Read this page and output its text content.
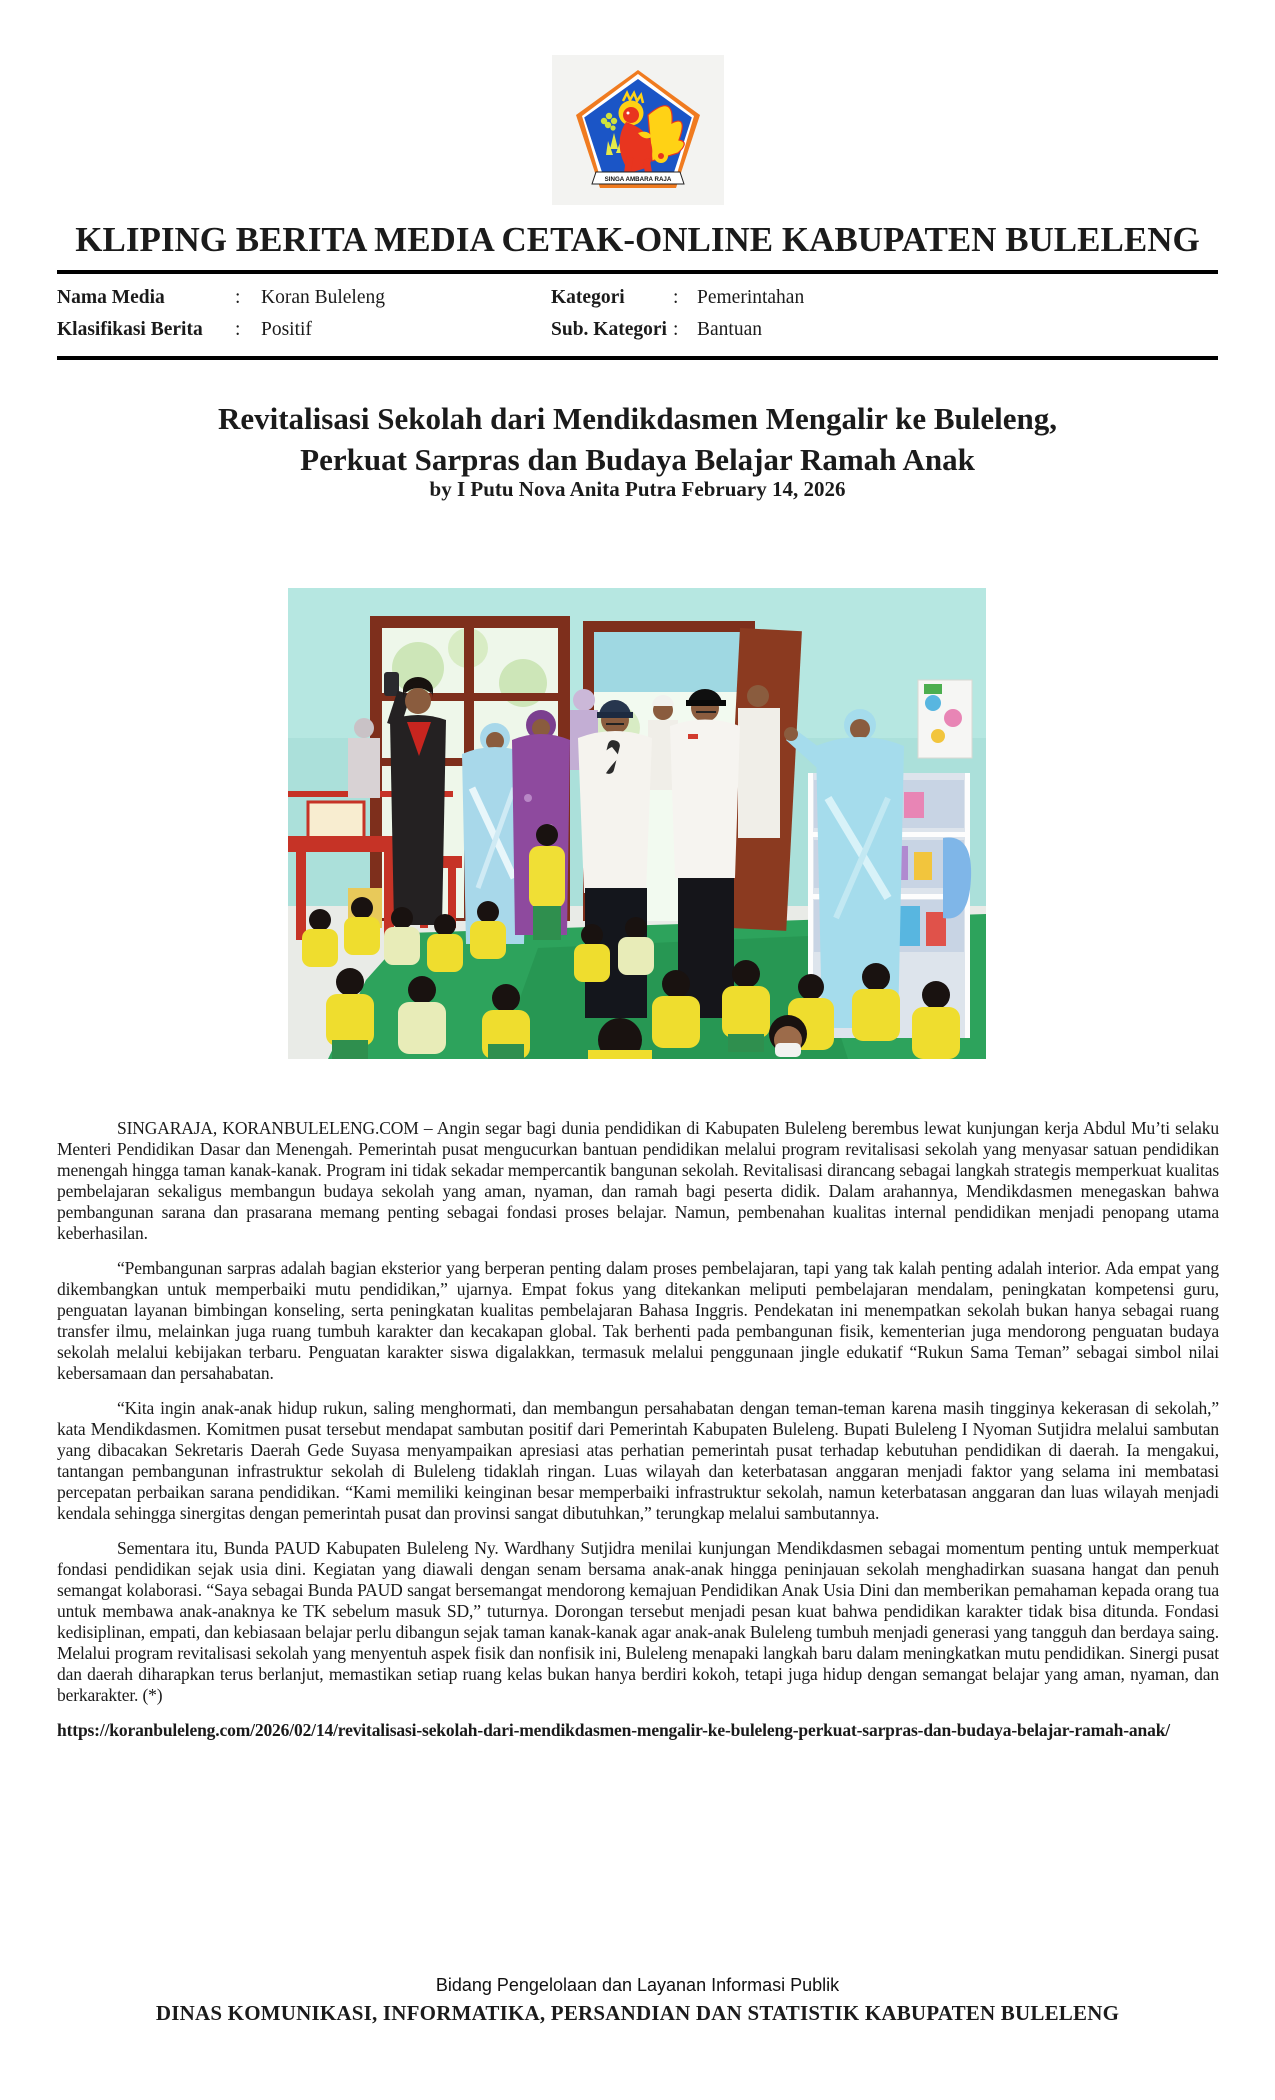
SINGA AMBARA RAJA
KLIPING BERITA MEDIA CETAK-ONLINE KABUPATEN BULELENG
Nama Media	:	Koran Buleleng	Kategori	: Pemerintahan
Klasifikasi Berita	:	Positif	Sub. Kategori : Bantuan
Revitalisasi Sekolah dari Mendikdasmen Mengalir ke Buleleng,
Perkuat Sarpras dan Budaya Belajar Ramah Anak
by I Putu Nova Anita Putra February 14, 2026

SINGARAJA, KORANBULELENG.COM – Angin segar bagi dunia pendidikan di Kabupaten Buleleng berembus lewat kunjungan kerja Abdul Mu’ti selaku Menteri Pendidikan Dasar dan Menengah. Pemerintah pusat mengucurkan bantuan pendidikan melalui program revitalisasi sekolah yang menyasar satuan pendidikan menengah hingga taman kanak-kanak. Program ini tidak sekadar mempercantik bangunan sekolah. Revitalisasi dirancang sebagai langkah strategis memperkuat kualitas pembelajaran sekaligus membangun budaya sekolah yang aman, nyaman, dan ramah bagi peserta didik. Dalam arahannya, Mendikdasmen menegaskan bahwa pembangunan sarana dan prasarana memang penting sebagai fondasi proses belajar. Namun, pembenahan kualitas internal pendidikan menjadi penopang utama keberhasilan.

“Pembangunan sarpras adalah bagian eksterior yang berperan penting dalam proses pembelajaran, tapi yang tak kalah penting adalah interior. Ada empat yang dikembangkan untuk memperbaiki mutu pendidikan,” ujarnya. Empat fokus yang ditekankan meliputi pembelajaran mendalam, peningkatan kompetensi guru, penguatan layanan bimbingan konseling, serta peningkatan kualitas pembelajaran Bahasa Inggris. Pendekatan ini menempatkan sekolah bukan hanya sebagai ruang transfer ilmu, melainkan juga ruang tumbuh karakter dan kecakapan global. Tak berhenti pada pembangunan fisik, kementerian juga mendorong penguatan budaya sekolah melalui kebijakan terbaru. Penguatan karakter siswa digalakkan, termasuk melalui penggunaan jingle edukatif “Rukun Sama Teman” sebagai simbol nilai kebersamaan dan persahabatan.

“Kita ingin anak-anak hidup rukun, saling menghormati, dan membangun persahabatan dengan teman-teman karena masih tingginya kekerasan di sekolah,” kata Mendikdasmen. Komitmen pusat tersebut mendapat sambutan positif dari Pemerintah Kabupaten Buleleng. Bupati Buleleng I Nyoman Sutjidra melalui sambutan yang dibacakan Sekretaris Daerah Gede Suyasa menyampaikan apresiasi atas perhatian pemerintah pusat terhadap kebutuhan pendidikan di daerah. Ia mengakui, tantangan pembangunan infrastruktur sekolah di Buleleng tidaklah ringan. Luas wilayah dan keterbatasan anggaran menjadi faktor yang selama ini membatasi percepatan perbaikan sarana pendidikan. “Kami memiliki keinginan besar memperbaiki infrastruktur sekolah, namun keterbatasan anggaran dan luas wilayah menjadi kendala sehingga sinergitas dengan pemerintah pusat dan provinsi sangat dibutuhkan,” terungkap melalui sambutannya.

Sementara itu, Bunda PAUD Kabupaten Buleleng Ny. Wardhany Sutjidra menilai kunjungan Mendikdasmen sebagai momentum penting untuk memperkuat fondasi pendidikan sejak usia dini. Kegiatan yang diawali dengan senam bersama anak-anak hingga peninjauan sekolah menghadirkan suasana hangat dan penuh semangat kolaborasi. “Saya sebagai Bunda PAUD sangat bersemangat mendorong kemajuan Pendidikan Anak Usia Dini dan memberikan pemahaman kepada orang tua untuk membawa anak-anaknya ke TK sebelum masuk SD,” tuturnya. Dorongan tersebut menjadi pesan kuat bahwa pendidikan karakter tidak bisa ditunda. Fondasi kedisiplinan, empati, dan kebiasaan belajar perlu dibangun sejak taman kanak-kanak agar anak-anak Buleleng tumbuh menjadi generasi yang tangguh dan berdaya saing. Melalui program revitalisasi sekolah yang menyentuh aspek fisik dan nonfisik ini, Buleleng menapaki langkah baru dalam meningkatkan mutu pendidikan. Sinergi pusat dan daerah diharapkan terus berlanjut, memastikan setiap ruang kelas bukan hanya berdiri kokoh, tetapi juga hidup dengan semangat belajar yang aman, nyaman, dan berkarakter. (*)

https://koranbuleleng.com/2026/02/14/revitalisasi-sekolah-dari-mendikdasmen-mengalir-ke-buleleng-perkuat-sarpras-dan-budaya-belajar-ramah-anak/

Bidang Pengelolaan dan Layanan Informasi Publik
DINAS KOMUNIKASI, INFORMATIKA, PERSANDIAN DAN STATISTIK KABUPATEN BULELENG
